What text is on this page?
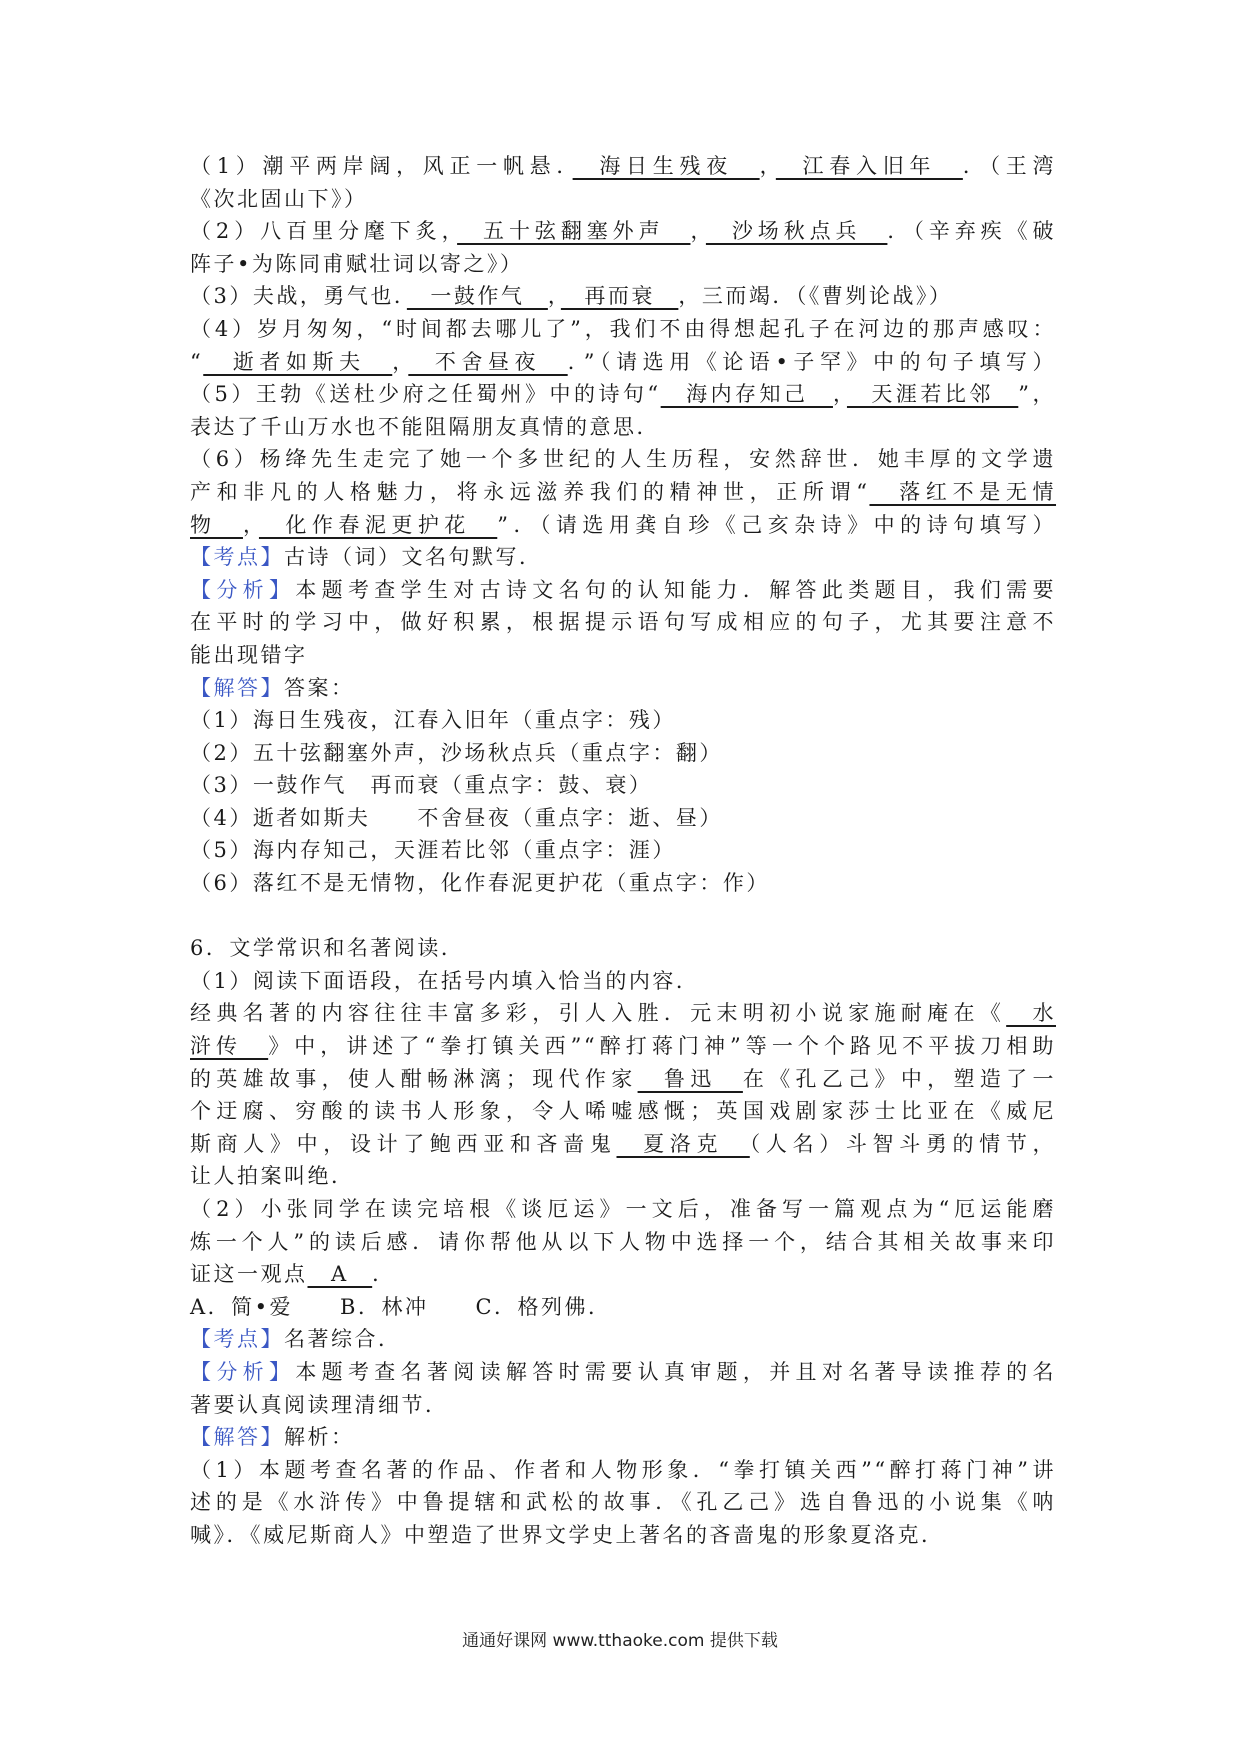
（1）潮平两岸阔，风正一帆悬．　海日生残夜　，　江春入旧年　．（王湾
《次北固山下》）
（2）八百里分麾下炙，　五十弦翻塞外声　，　沙场秋点兵　．（辛弃疾《破
阵子•为陈同甫赋壮词以寄之》）
（3）夫战，勇气也．　一鼓作气　，　再而衰　，三而竭．（《曹刿论战》）
（4）岁月匆匆，“时间都去哪儿了”，我们不由得想起孔子在河边的那声感叹：
“　逝者如斯夫　，　不舍昼夜　．”（请选用《论语•子罕》中的句子填写）
（5）王勃《送杜少府之任蜀州》中的诗句“　海内存知己　，　天涯若比邻　”，
表达了千山万水也不能阻隔朋友真情的意思．
（6）杨绛先生走完了她一个多世纪的人生历程，安然辞世．她丰厚的文学遗
产和非凡的人格魅力，将永远滋养我们的精神世，正所谓“　落红不是无情
物　，　化作春泥更护花　”．（请选用龚自珍《己亥杂诗》中的诗句填写）
【考点】古诗（词）文名句默写．
【分析】本题考查学生对古诗文名句的认知能力．解答此类题目，我们需要
在平时的学习中，做好积累，根据提示语句写成相应的句子，尤其要注意不
能出现错字
【解答】答案：
（1）海日生残夜，江春入旧年（重点字：残）
（2）五十弦翻塞外声，沙场秋点兵（重点字：翻）
（3）一鼓作气　再而衰（重点字：鼓、衰）
（4）逝者如斯夫　　不舍昼夜（重点字：逝、昼）
（5）海内存知己，天涯若比邻（重点字：涯）
（6）落红不是无情物，化作春泥更护花（重点字：作）
6．文学常识和名著阅读．
（1）阅读下面语段，在括号内填入恰当的内容．
经典名著的内容往往丰富多彩，引人入胜．元末明初小说家施耐庵在《　水
浒传　》中，讲述了“拳打镇关西”“醉打蒋门神”等一个个路见不平拔刀相助
的英雄故事，使人酣畅淋漓；现代作家　鲁迅　在《孔乙己》中，塑造了一
个迂腐、穷酸的读书人形象，令人唏嘘感慨；英国戏剧家莎士比亚在《威尼
斯商人》中，设计了鲍西亚和吝啬鬼　夏洛克　（人名）斗智斗勇的情节，
让人拍案叫绝．
（2）小张同学在读完培根《谈厄运》一文后，准备写一篇观点为“厄运能磨
炼一个人”的读后感．请你帮他从以下人物中选择一个，结合其相关故事来印
证这一观点　A　．
A．简•爱　　B．林冲　　C．格列佛．
【考点】名著综合．
【分析】本题考查名著阅读解答时需要认真审题，并且对名著导读推荐的名
著要认真阅读理清细节．
【解答】解析：
（1）本题考查名著的作品、作者和人物形象．“拳打镇关西”“醉打蒋门神”讲
述的是《水浒传》中鲁提辖和武松的故事．《孔乙己》选自鲁迅的小说集《呐
喊》．《威尼斯商人》中塑造了世界文学史上著名的吝啬鬼的形象夏洛克．
通通好课网 www.tthaoke.com 提供下载
